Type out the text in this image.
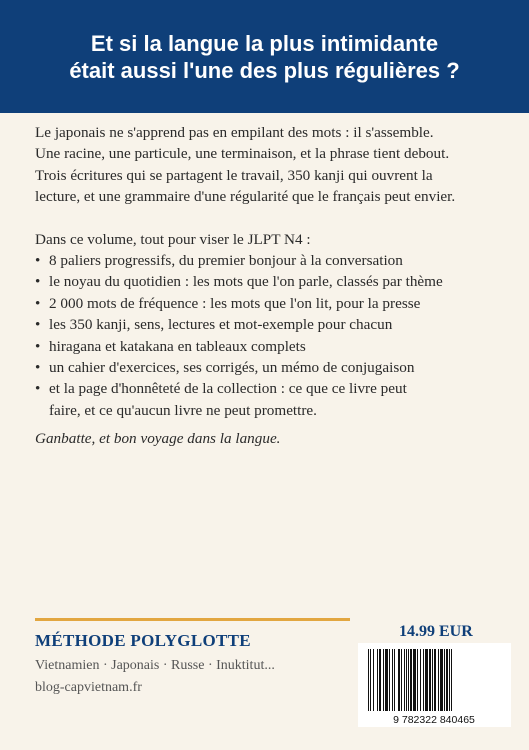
Et si la langue la plus intimidante
était aussi l'une des plus régulières ?

Le japonais ne s'apprend pas en empilant des mots : il s'assemble.
Une racine, une particule, une terminaison, et la phrase tient debout.
Trois écritures qui se partagent le travail, 350 kanji qui ouvrent la
lecture, et une grammaire d'une régularité que le français peut envier.

Dans ce volume, tout pour viser le JLPT N4 :

• 8 paliers progressifs, du premier bonjour à la conversation
• le noyau du quotidien : les mots que l'on parle, classés par thème
• 2 000 mots de fréquence : les mots que l'on lit, pour la presse
• les 350 kanji, sens, lectures et mot-exemple pour chacun
• hiragana et katakana en tableaux complets
• un cahier d'exercices, ses corrigés, un mémo de conjugaison
• et la page d'honnêteté de la collection : ce que ce livre peut
faire, et ce qu'aucun livre ne peut promettre.

Ganbatte, et bon voyage dans la langue.

MÉTHODE POLYGLOTTE
Vietnamien · Japonais · Russe · Inuktitut...
blog-capvietnam.fr
14.99 EUR
9 782322 840465
